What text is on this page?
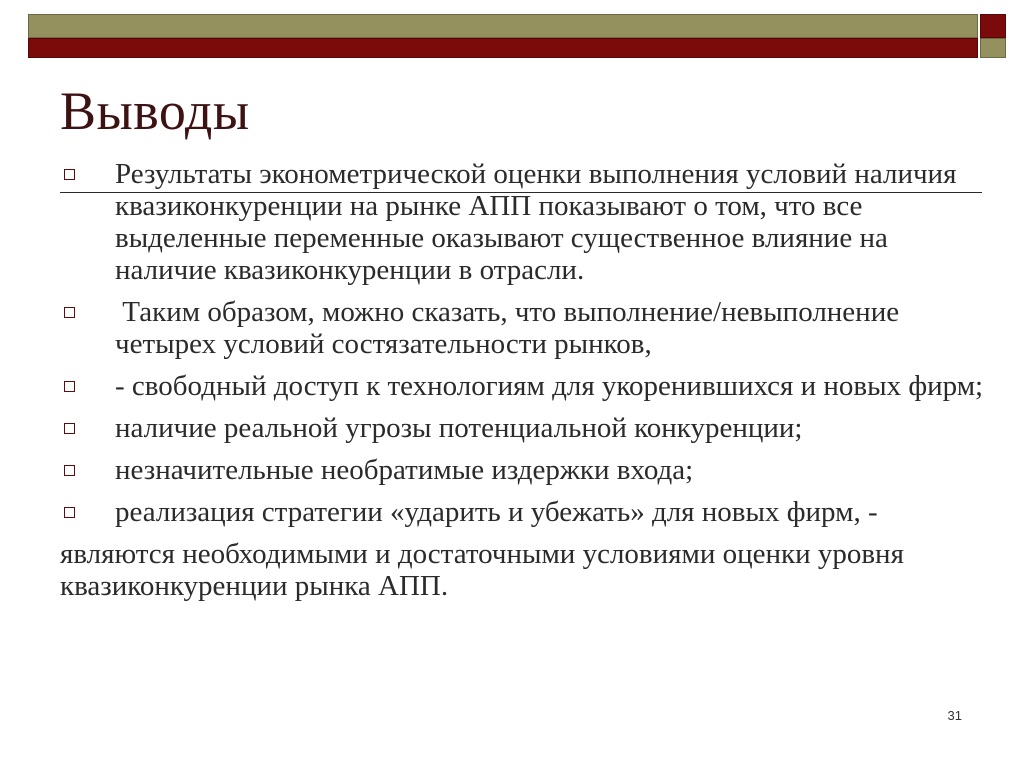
Выводы
Результаты эконометрической оценки выполнения условий наличия квазиконкуренции на рынке АПП показывают о том, что все выделенные переменные оказывают существенное влияние на наличие квазиконкуренции в отрасли.
Таким образом, можно сказать, что выполнение/невыполнение четырех условий состязательности рынков,
- свободный доступ к технологиям для укоренившихся и новых фирм;
наличие реальной угрозы потенциальной конкуренции;
незначительные необратимые издержки входа;
реализация стратегии «ударить и убежать» для новых фирм, -
являются необходимыми и достаточными условиями оценки уровня квазиконкуренции рынка АПП.
31
